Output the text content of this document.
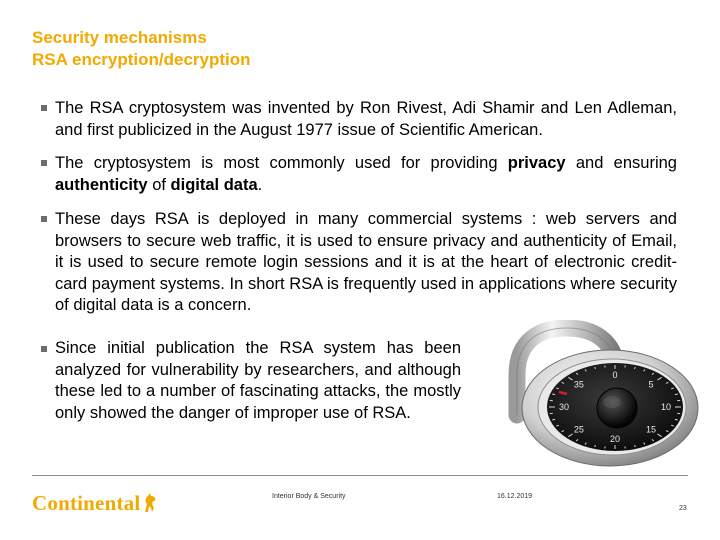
Security mechanisms
RSA encryption/decryption
The RSA cryptosystem was invented by Ron Rivest, Adi Shamir and Len Adleman, and first publicized in the August 1977 issue of Scientific American.
The cryptosystem is most commonly used for providing privacy and ensuring authenticity of digital data.
These days RSA is deployed in many commercial systems : web servers and browsers to secure web traffic, it is used to ensure privacy and authenticity of Email, it is used to secure remote login sessions and it is at the heart of electronic credit-card payment systems. In short RSA is frequently used in applications where security of digital data is a concern.
Since initial publication the RSA system has been analyzed for vulnerability by researchers, and although these led to a number of fascinating attacks, the mostly only showed the danger of improper use of RSA.
0
5
10
15
20
25
30
35
Continental	Interior Body & Security	16.12.2019
23
